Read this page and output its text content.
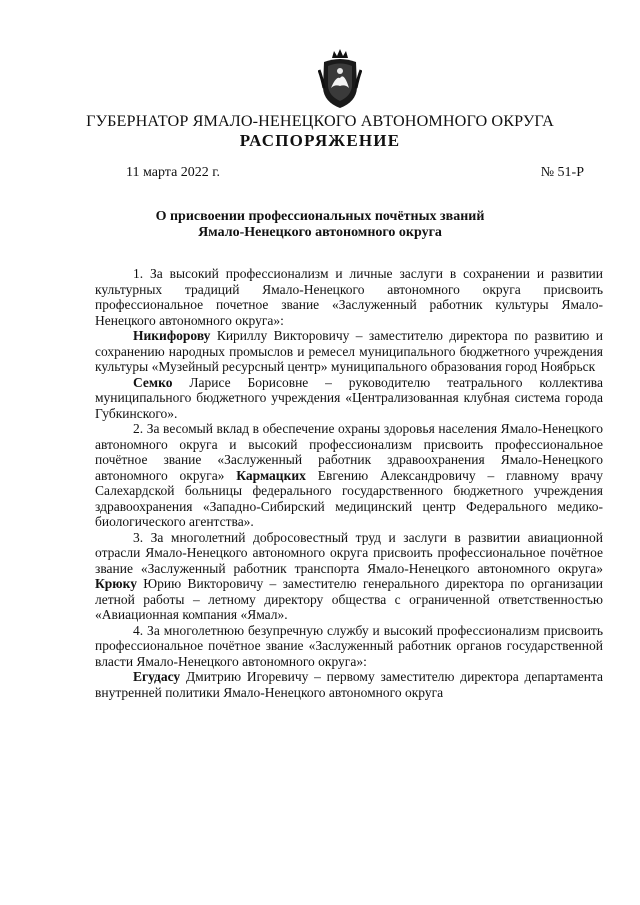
ГУБЕРНАТОР ЯМАЛО-НЕНЕЦКОГО АВТОНОМНОГО ОКРУГА
РАСПОРЯЖЕНИЕ
11 марта 2022 г.	№ 51-Р
О присвоении профессиональных почётных званий
Ямало-Ненецкого автономного округа

1. За высокий профессионализм и личные заслуги в сохранении и развитии культурных традиций Ямало-Ненецкого автономного округа присвоить профессиональное почетное звание «Заслуженный работник культуры Ямало-Ненецкого автономного округа»:

Никифорову Кириллу Викторовичу – заместителю директора по развитию и сохранению народных промыслов и ремесел муниципального бюджетного учреждения культуры «Музейный ресурсный центр» муниципального образования город Ноябрьск

Семко Ларисе Борисовне – руководителю театрального коллектива муниципального бюджетного учреждения «Централизованная клубная система города Губкинского».

2. За весомый вклад в обеспечение охраны здоровья населения Ямало-Ненецкого автономного округа и высокий профессионализм присвоить профессиональное почётное звание «Заслуженный работник здравоохранения Ямало-Ненецкого автономного округа» Кармацких Евгению Александровичу – главному врачу Салехардской больницы федерального государственного бюджетного учреждения здравоохранения «Западно-Сибирский медицинский центр Федерального медико-биологического агентства».

3. За многолетний добросовестный труд и заслуги в развитии авиационной отрасли Ямало-Ненецкого автономного округа присвоить профессиональное почётное звание «Заслуженный работник транспорта Ямало-Ненецкого автономного округа» Крюку Юрию Викторовичу – заместителю генерального директора по организации летной работы – летному директору общества с ограниченной ответственностью «Авиационная компания «Ямал».

4. За многолетнюю безупречную службу и высокий профессионализм присвоить профессиональное почётное звание «Заслуженный работник органов государственной власти Ямало-Ненецкого автономного округа»:

Егудасу Дмитрию Игоревичу – первому заместителю директора департамента внутренней политики Ямало-Ненецкого автономного округа
